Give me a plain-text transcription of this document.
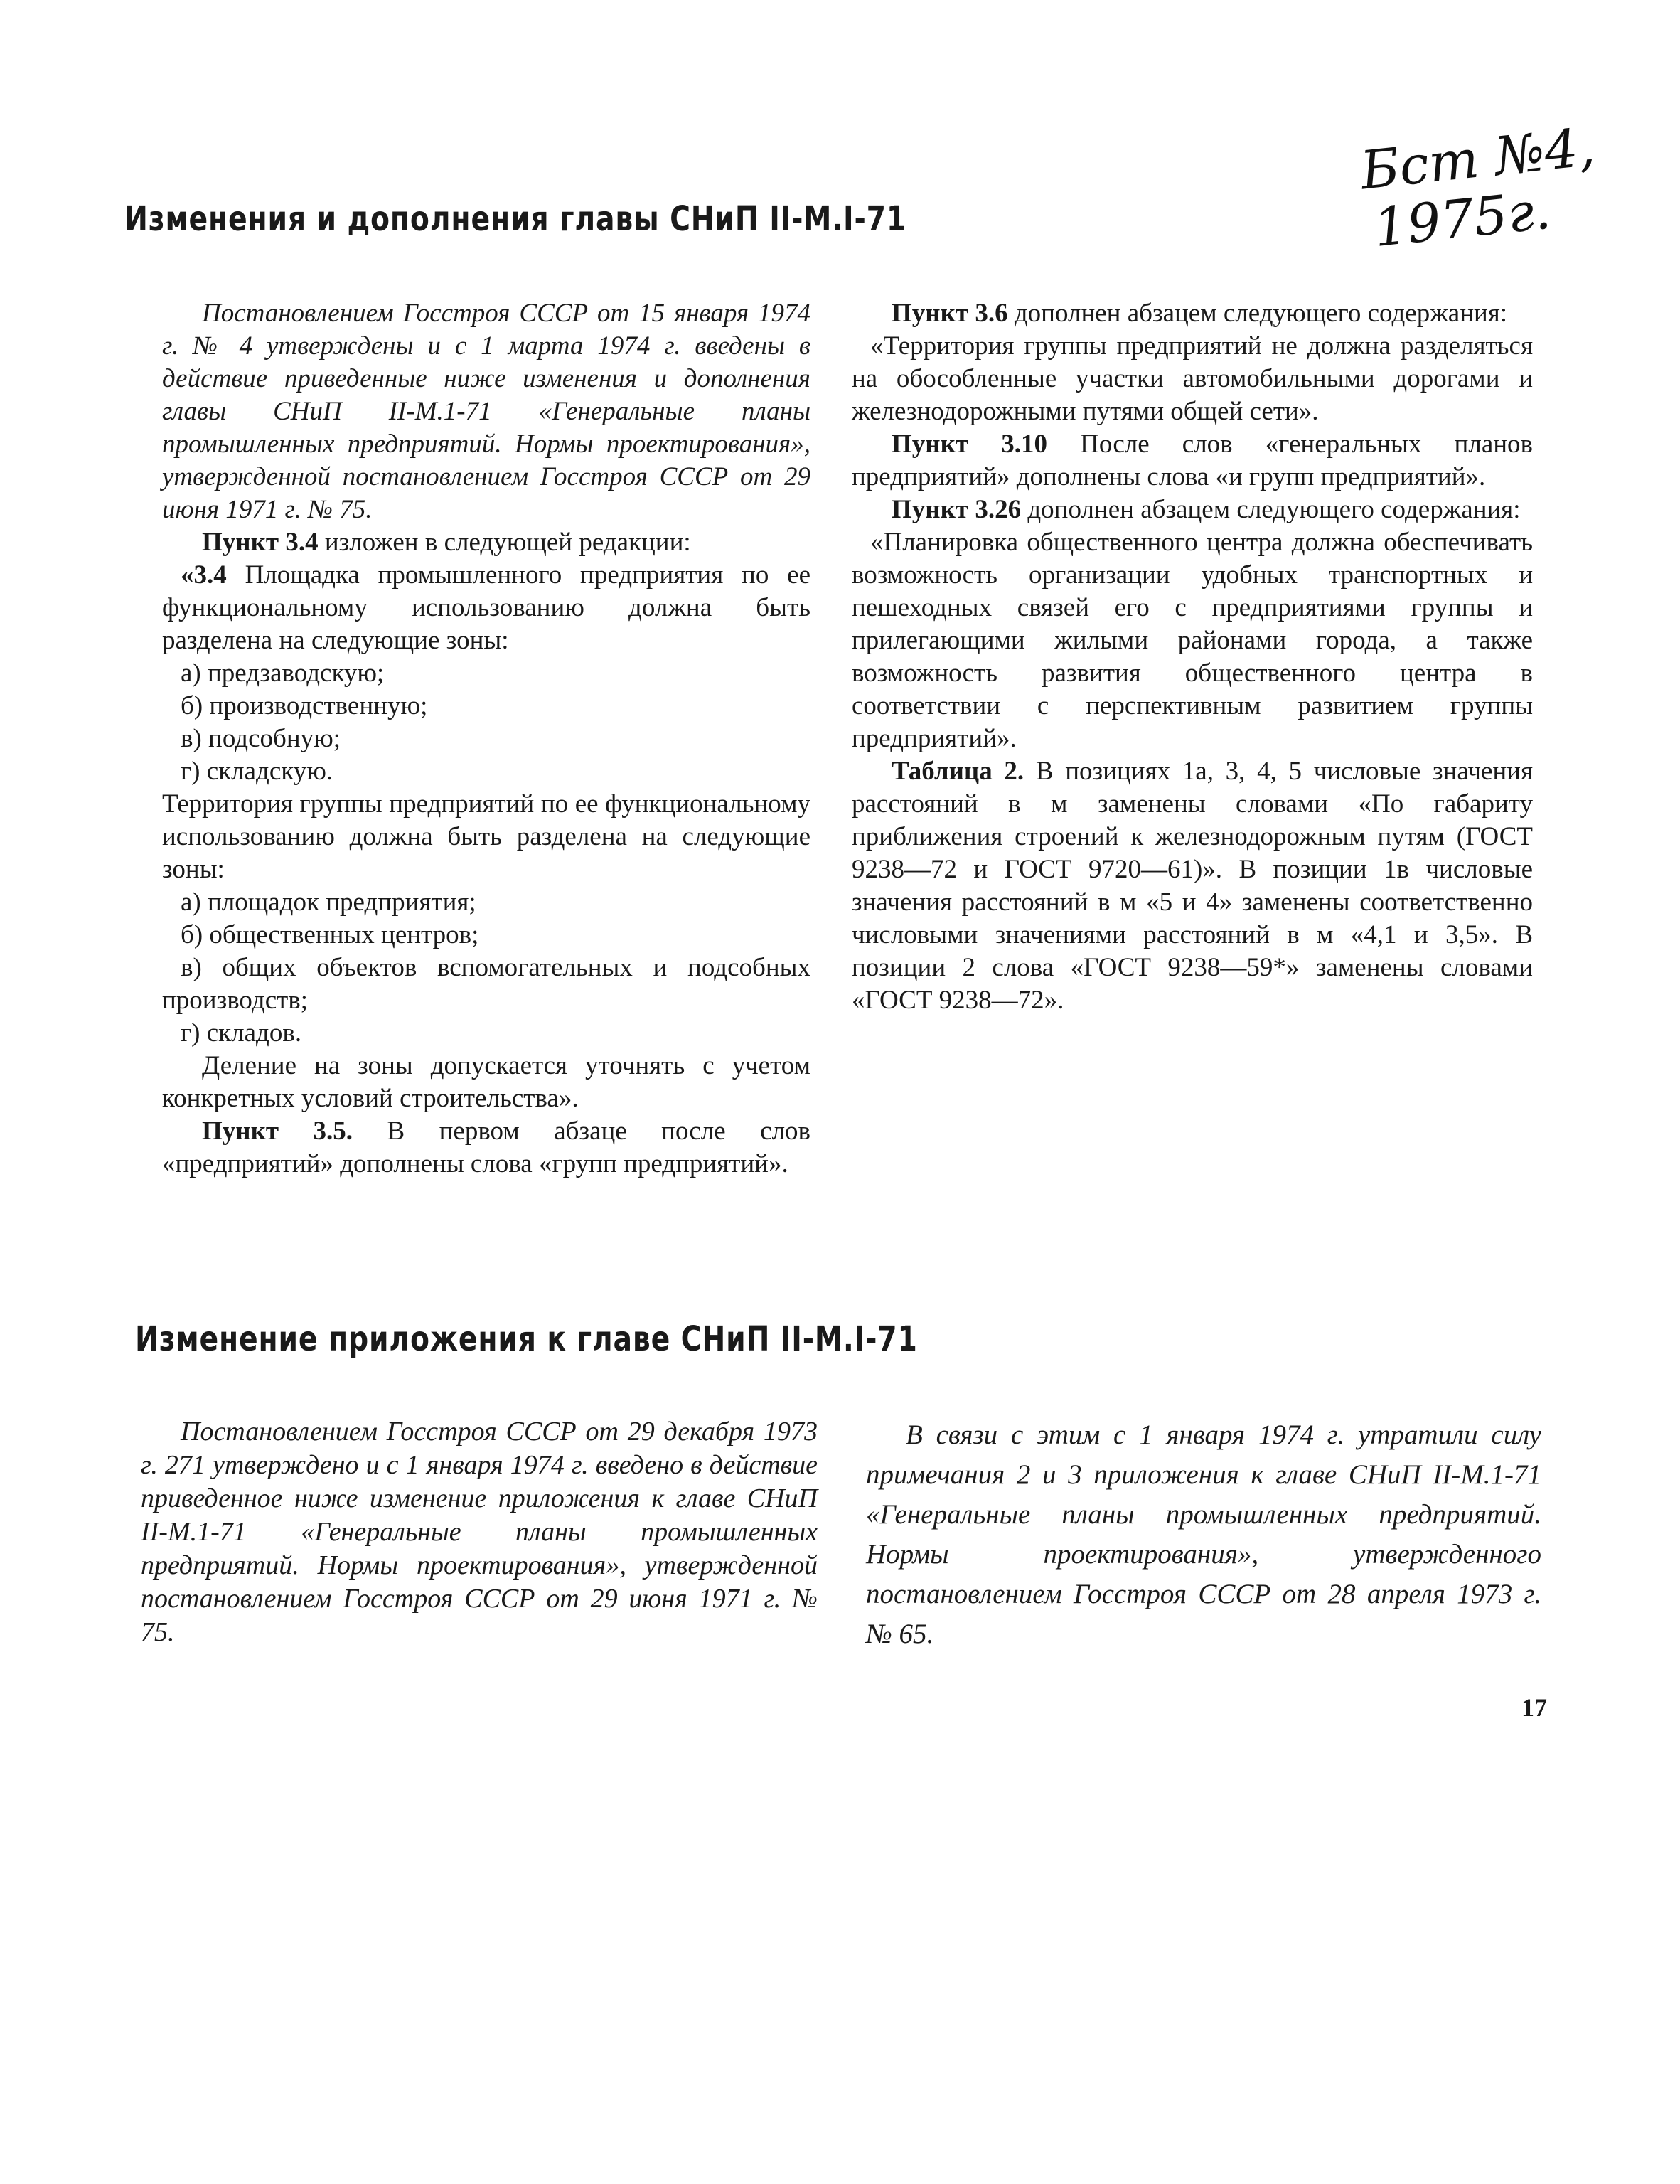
Бст №4,
1975г.
Изменения и дополнения главы СНиП II-М.I-71

Постановлением Госстроя СССР от 15 января 1974 г. № 4 утверждены и с 1 марта 1974 г. введены в действие приведенные ниже изменения и дополнения главы СНиП II-M.1-71 «Генеральные планы промышленных предприятий. Нормы проектирования», утвержденной постановлением Госстроя СССР от 29 июня 1971 г. № 75.

Пункт 3.4 изложен в следующей редакции:

«3.4 Площадка промышленного предприятия по ее функциональному использованию должна быть разделена на следующие зоны:

а) предзаводскую;

б) производственную;

в) подсобную;

г) складскую.

Территория группы предприятий по ее функциональному использованию должна быть разделена на следующие зоны:

а) площадок предприятия;

б) общественных центров;

в) общих объектов вспомогательных и подсобных производств;

г) складов.

Деление на зоны допускается уточнять с учетом конкретных условий строительства».

Пункт 3.5. В первом абзаце после слов «предприятий» дополнены слова «групп предприятий».

Пункт 3.6 дополнен абзацем следующего содержания:

«Территория группы предприятий не должна разделяться на обособленные участки автомобильными дорогами и железнодорожными путями общей сети».

Пункт 3.10 После слов «генеральных планов предприятий» дополнены слова «и групп предприятий».

Пункт 3.26 дополнен абзацем следующего содержания:

«Планировка общественного центра должна обеспечивать возможность организации удобных транспортных и пешеходных связей его с предприятиями группы и прилегающими жилыми районами города, а также возможность развития общественного центра в соответствии с перспективным развитием группы предприятий».

Таблица 2. В позициях 1а, 3, 4, 5 числовые значения расстояний в м заменены словами «По габариту приближения строений к железнодорожным путям (ГОСТ 9238—72 и ГОСТ 9720—61)». В позиции 1в числовые значения расстояний в м «5 и 4» заменены соответственно числовыми значениями расстояний в м «4,1 и 3,5». В позиции 2 слова «ГОСТ 9238—59*» заменены словами «ГОСТ 9238—72».

Изменение приложения к главе СНиП II-М.I-71

Постановлением Госстроя СССР от 29 декабря 1973 г. 271 утверждено и с 1 января 1974 г. введено в действие приведенное ниже изменение приложения к главе СНиП II-M.1-71 «Генеральные планы промышленных предприятий. Нормы проектирования», утвержденной постановлением Госстроя СССР от 29 июня 1971 г. № 75.

В связи с этим с 1 января 1974 г. утратили силу примечания 2 и 3 приложения к главе СНиП II-M.1-71 «Генеральные планы промышленных предприятий. Нормы проектирования», утвержденного постановлением Госстроя СССР от 28 апреля 1973 г. № 65.

17
